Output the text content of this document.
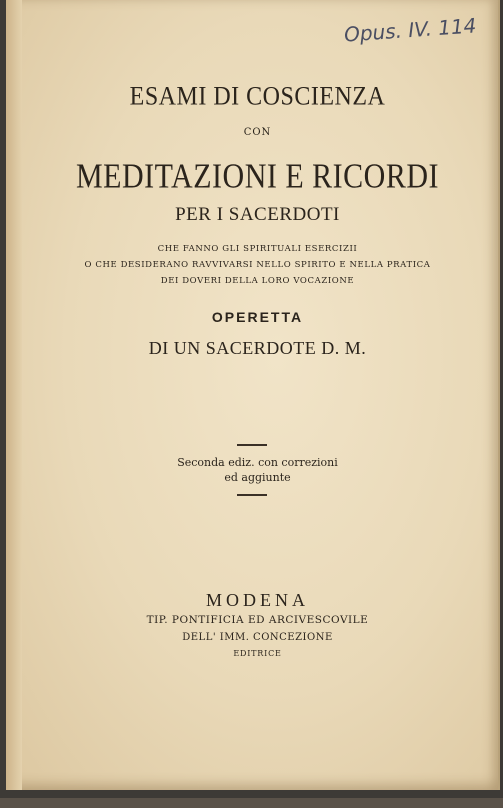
Opus. IV. 114
ESAMI DI COSCIENZA
CON
MEDITAZIONI E RICORDI
PER I SACERDOTI
CHE FANNO GLI SPIRITUALI ESERCIZII
O CHE DESIDERANO RAVVIVARSI NELLO SPIRITO E NELLA PRATICA
DEI DOVERI DELLA LORO VOCAZIONE
OPERETTA
DI UN SACERDOTE D. M.
Seconda ediz. con correzioni
ed aggiunte
MODENA
TIP. PONTIFICIA ED ARCIVESCOVILE
DELL' IMM. CONCEZIONE
EDITRICE
